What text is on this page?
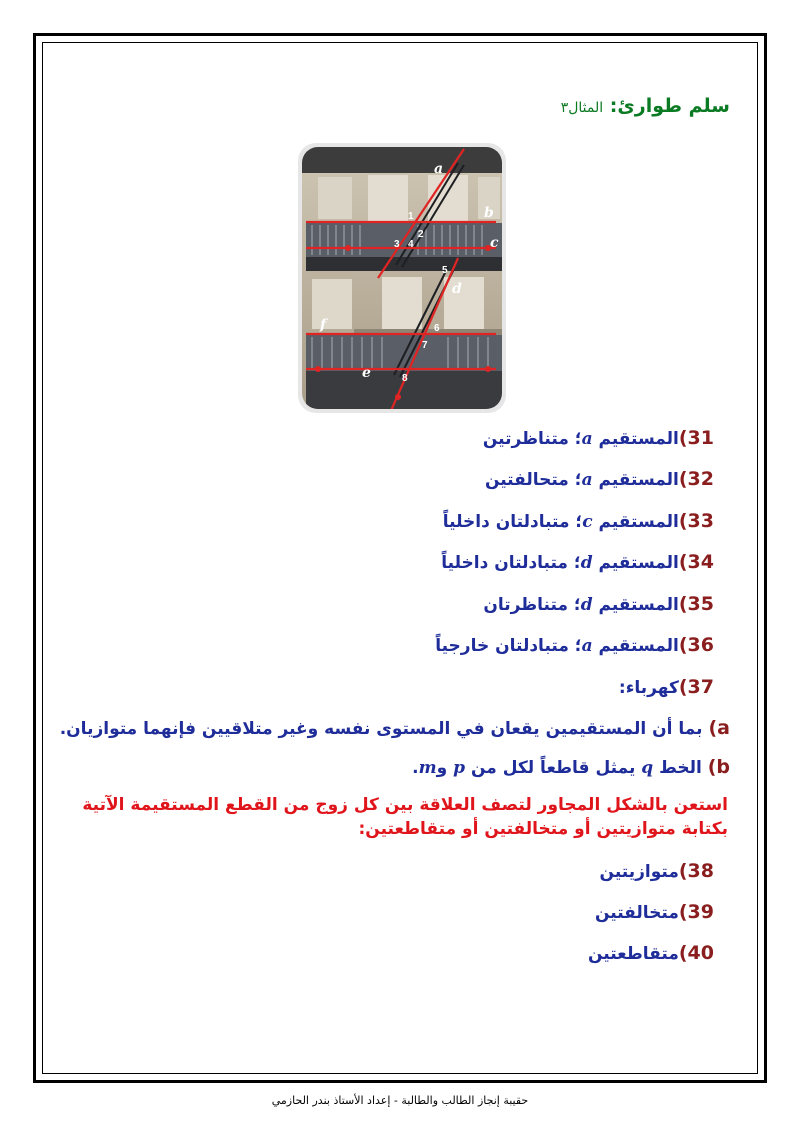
سلم طوارئ: المثال٣
a
b
c
d
e
f
1
2
3 4
5
6
7
8
31)المستقيم a؛ متناظرتين
32)المستقيم a؛ متحالفتين
33)المستقيم c؛ متبادلتان داخلياً
34)المستقيم d؛ متبادلتان داخلياً
35)المستقيم d؛ متناظرتان
36)المستقيم a؛ متبادلتان خارجياً
37)كهرباء:
a) بما أن المستقيمين يقعان في المستوى نفسه وغير متلاقيين فإنهما متوازيان.
b) الخط q يمثل قاطعاً لكل من p وm.
استعن بالشكل المجاور لتصف العلاقة بين كل زوج من القطع المستقيمة الآتية بكتابة متوازيتين أو متخالفتين أو متقاطعتين:
38)متوازيتين
39)متخالفتين
40)متقاطعتين
حقيبة إنجاز الطالب والطالبة - إعداد الأستاذ بندر الحازمي
